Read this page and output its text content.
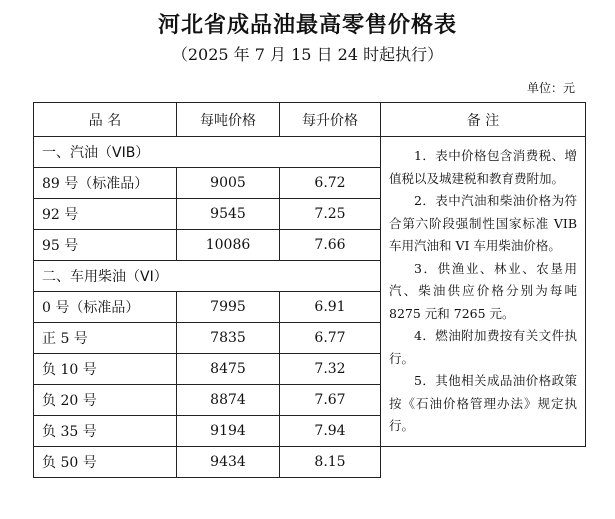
河北省成品油最高零售价格表
（2025 年 7 月 15 日 24 时起执行）
单位：元
品 名	每吨价格	每升价格	备 注
一、汽油（VIB）			1．表中价格包含消费税、增值税以及城建税和教育费附加。

2．表中汽油和柴油价格为符合第六阶段强制性国家标准 VIB 车用汽油和 VI 车用柴油价格。

3．供渔业、林业、农垦用汽、柴油供应价格分别为每吨 8275 元和 7265 元。

4．燃油附加费按有关文件执行。

5．其他相关成品油价格政策按《石油价格管理办法》规定执行。

89 号（标准品）	9005	6.72	
92 号	9545	7.25	
95 号	10086	7.66	
二、车用柴油（VI）			
0 号（标准品）	7995	6.91	
正 5 号	7835	6.77	
负 10 号	8475	7.32	
负 20 号	8874	7.67	
负 35 号	9194	7.94	
负 50 号	9434	8.15	
